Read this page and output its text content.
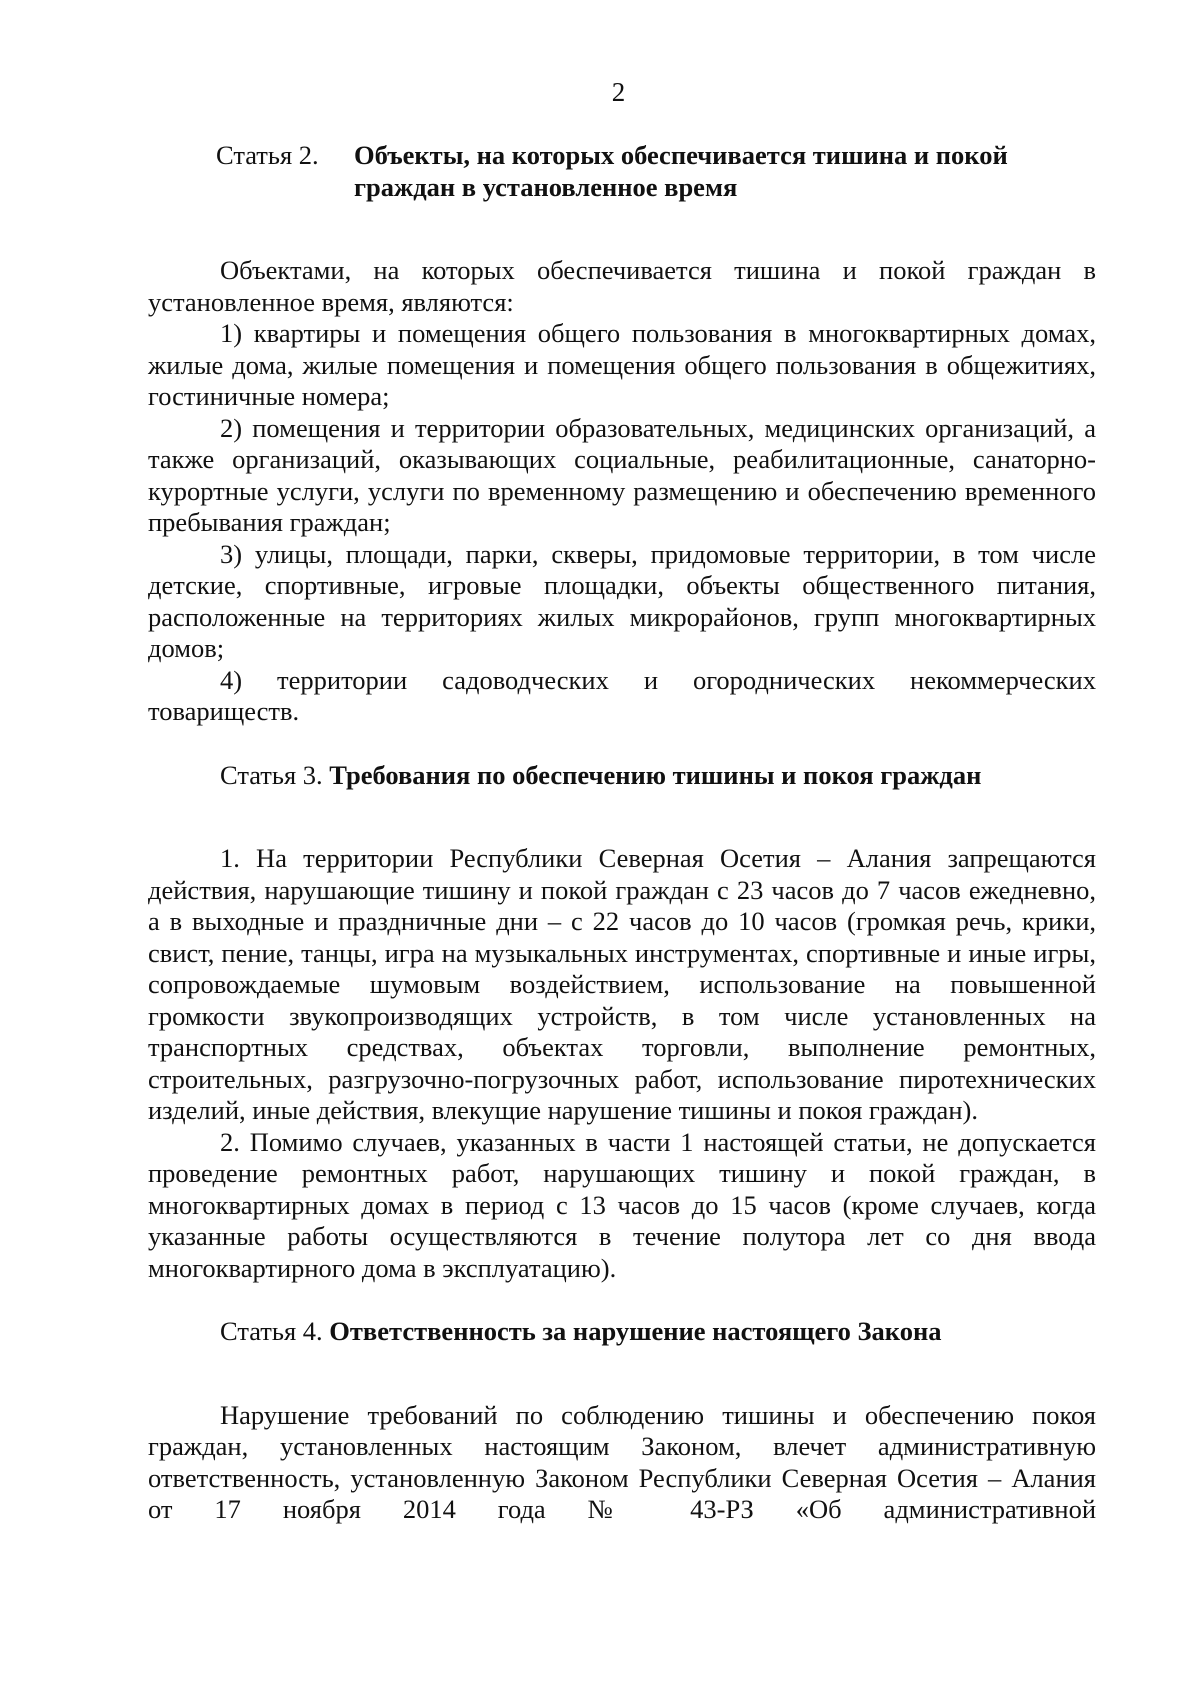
2
Статья 2.	Объекты, на которых обеспечивается тишина и покой граждан в установленное время

Объектами, на которых обеспечивается тишина и покой граждан в установленное время, являются:

1) квартиры и помещения общего пользования в многоквартирных домах, жилые дома, жилые помещения и помещения общего пользования в общежитиях, гостиничные номера;

2) помещения и территории образовательных, медицинских организаций, а также организаций, оказывающих социальные, реабилитационные, санаторно-курортные услуги, услуги по временному размещению и обеспечению временного пребывания граждан;

3) улицы, площади, парки, скверы, придомовые территории, в том числе детские, спортивные, игровые площадки, объекты общественного питания, расположенные на территориях жилых микрорайонов, групп многоквартирных домов;

4) территории садоводческих и огороднических некоммерческих товариществ.

Статья 3. Требования по обеспечению тишины и покоя граждан

1. На территории Республики Северная Осетия – Алания запрещаются действия, нарушающие тишину и покой граждан с 23 часов до 7 часов ежедневно, а в выходные и праздничные дни – с 22 часов до 10 часов (громкая речь, крики, свист, пение, танцы, игра на музыкальных инструментах, спортивные и иные игры, сопровождаемые шумовым воздействием, использование на повышенной громкости звукопроизводящих устройств, в том числе установленных на транспортных средствах, объектах торговли, выполнение ремонтных, строительных, разгрузочно-погрузочных работ, использование пиротехнических изделий, иные действия, влекущие нарушение тишины и покоя граждан).

2. Помимо случаев, указанных в части 1 настоящей статьи, не допускается проведение ремонтных работ, нарушающих тишину и покой граждан, в многоквартирных домах в период с 13 часов до 15 часов (кроме случаев, когда указанные работы осуществляются в течение полутора лет со дня ввода многоквартирного дома в эксплуатацию).

Статья 4. Ответственность за нарушение настоящего Закона

Нарушение требований по соблюдению тишины и обеспечению покоя граждан, установленных настоящим Законом, влечет административную ответственность, установленную Законом Республики Северная Осетия – Алания от 17 ноября 2014 года № 43-РЗ «Об административной
